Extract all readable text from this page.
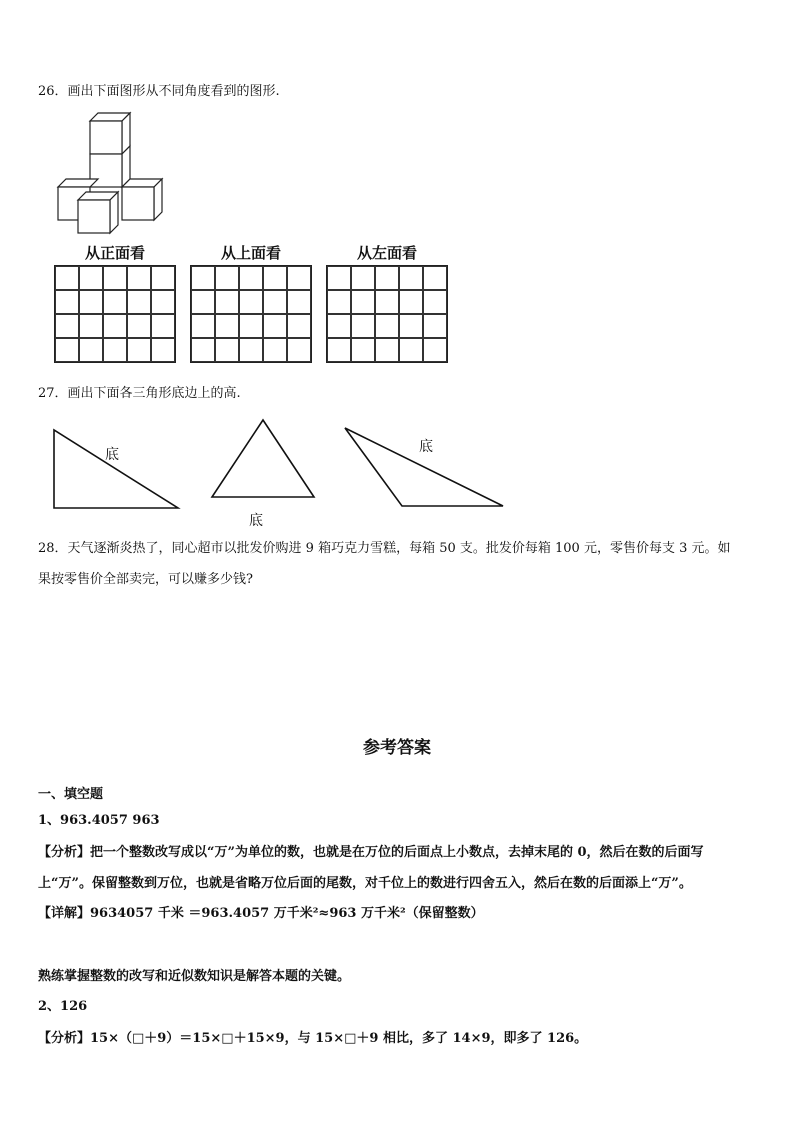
26．画出下面图形从不同角度看到的图形.
从正面看	从上面看	从左面看
27．画出下面各三角形底边上的高.
底
底
底
28．天气逐渐炎热了，同心超市以批发价购进 9 箱巧克力雪糕，每箱 50 支。批发价每箱 100 元，零售价每支 3 元。如
果按零售价全部卖完，可以赚多少钱?
参考答案
一、填空题
1、963.4057 963
【分析】把一个整数改写成以“万”为单位的数，也就是在万位的后面点上小数点，去掉末尾的 0，然后在数的后面写
上“万”。保留整数到万位，也就是省略万位后面的尾数，对千位上的数进行四舍五入，然后在数的后面添上“万”。
【详解】9634057 千米 ＝963.4057 万千米²≈963 万千米²（保留整数）
熟练掌握整数的改写和近似数知识是解答本题的关键。
2、126
【分析】15×（□＋9）＝15×□＋15×9，与 15×□＋9 相比，多了 14×9，即多了 126。
